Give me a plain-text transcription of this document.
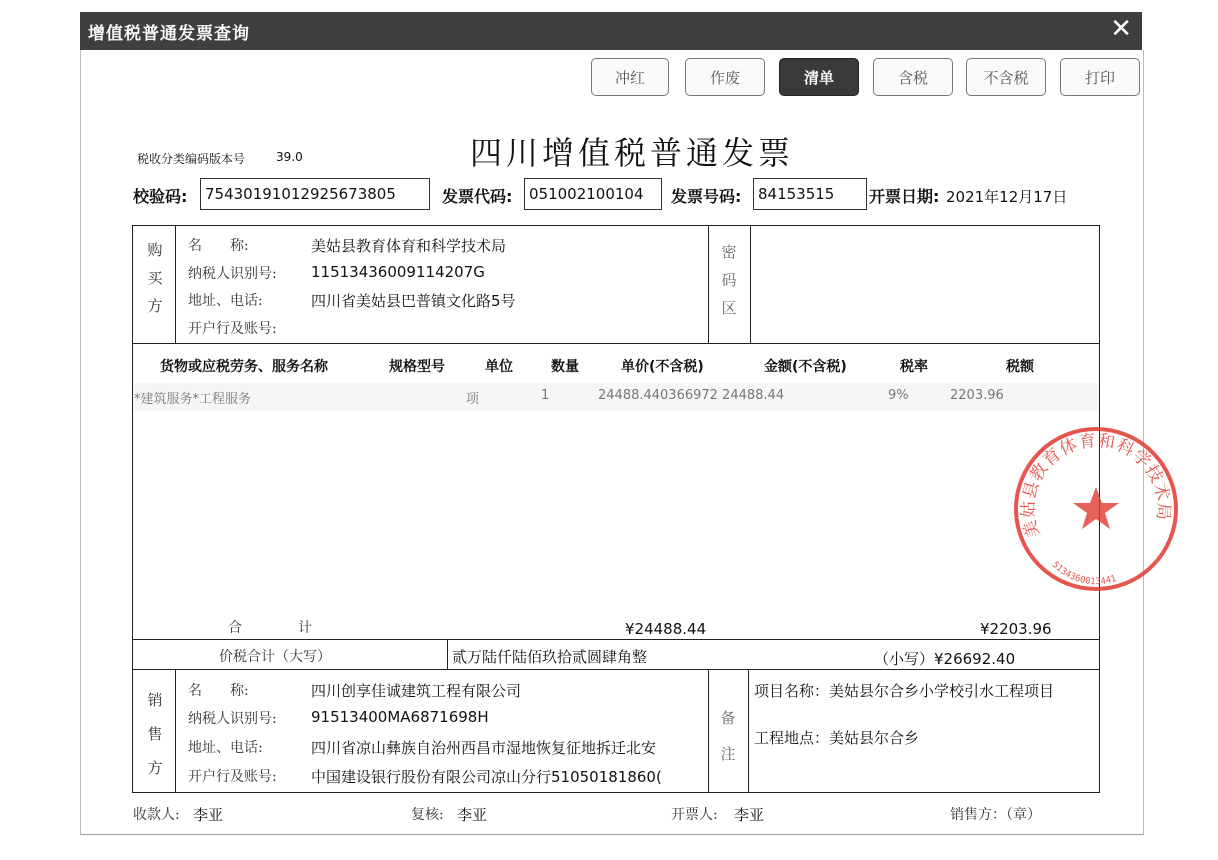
增值税普通发票查询	✕
冲红	作废	清单	含税	不含税	打印
税收分类编码版本号	39.0	四川增值税普通发票
校验码:	75430191012925673805	发票代码:	051002100104	发票号码:	84153515	开票日期: 2021年12月17日
购
买
方
名　　称:	美姑县教育体育和科学技术局
纳税人识别号: 11513436009114207G
地址、电话:	四川省美姑县巴普镇文化路5号
开户行及账号:
密
码
区
货物或应税劳务、服务名称	规格型号	单位	数量	单价(不含税)	金额(不含税)	税率	税额
*建筑服务*工程服务	项	1	24488.440366972 24488.44	9%	2203.96
合　　　　计	¥24488.44	¥2203.96
价税合计（大写）	贰万陆仟陆佰玖拾贰圆肆角整	（小写）¥26692.40
销
售
方
名　　称:	四川创享佳诚建筑工程有限公司
纳税人识别号: 91513400MA6871698H
地址、电话:	四川省凉山彝族自治州西昌市湿地恢复征地拆迁北安
开户行及账号: 中国建设银行股份有限公司凉山分行51050181860(
备
注
项目名称：美姑县尔合乡小学校引水工程项目
工程地点：美姑县尔合乡
收款人: 李亚	复核: 李亚	开票人: 李亚	销售方：（章）
美姑县教育体育和科学技术局
5134360013441
